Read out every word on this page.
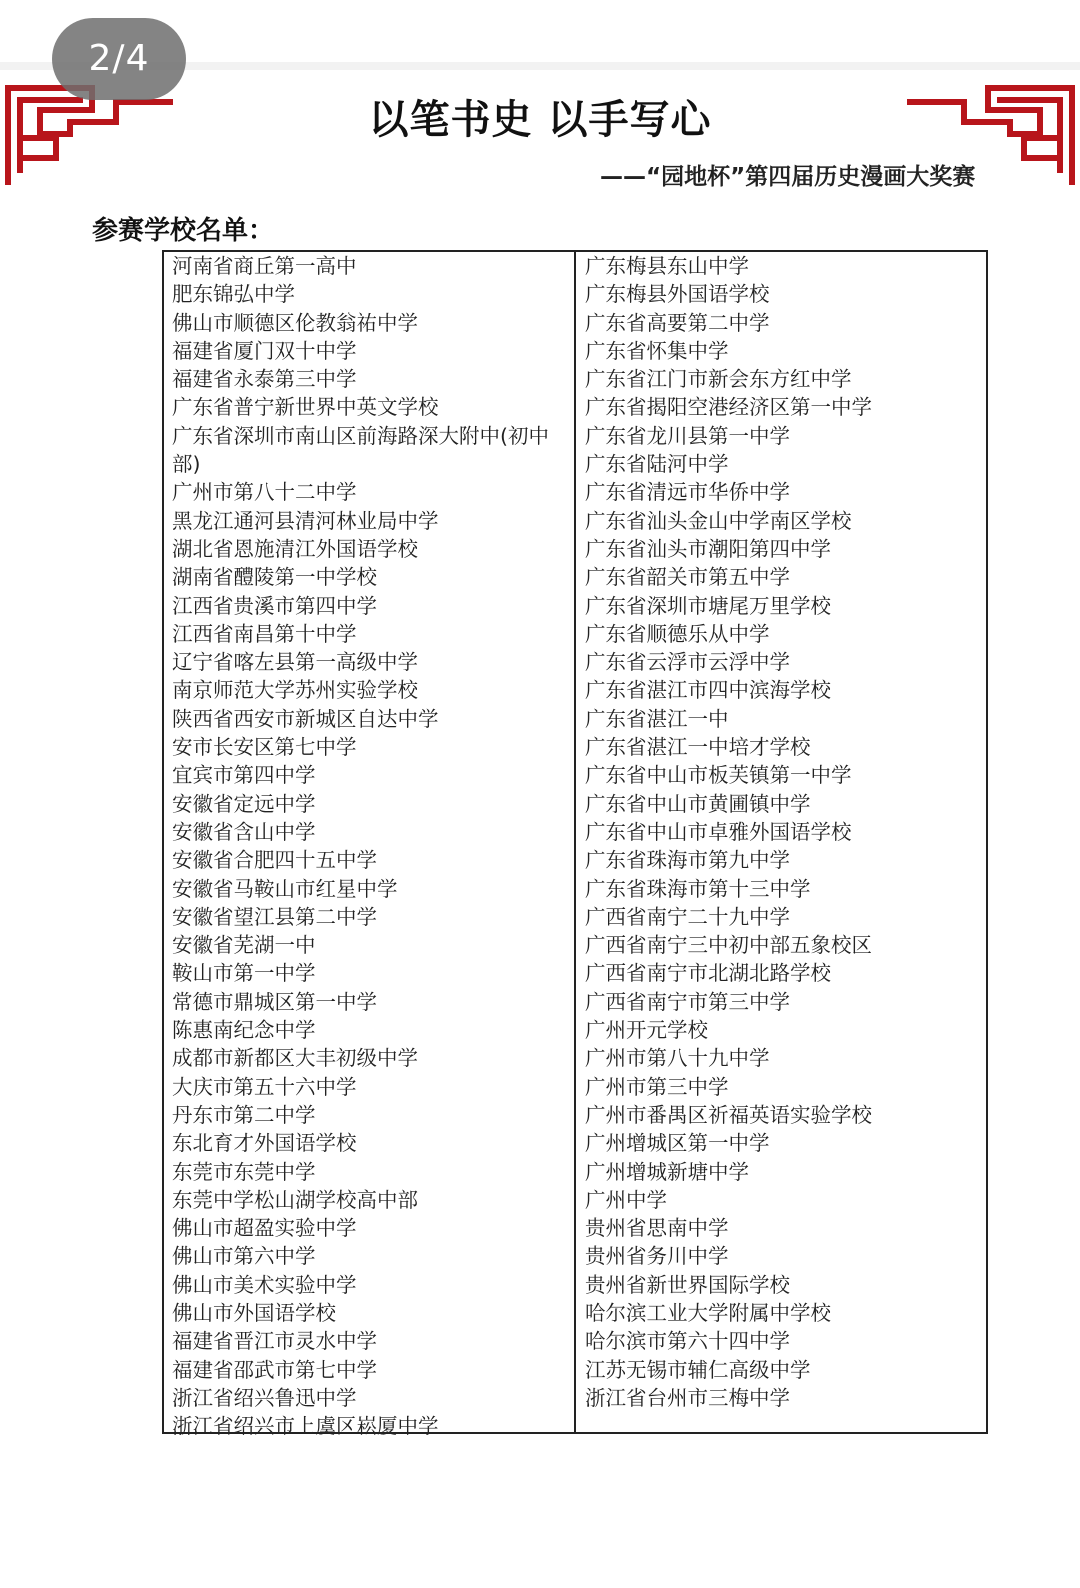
2/4
以笔书史 以手写心
——“园地杯”第四届历史漫画大奖赛
参赛学校名单：
河南省商丘第一高中
肥东锦弘中学
佛山市顺德区伦教翁祐中学
福建省厦门双十中学
福建省永泰第三中学
广东省普宁新世界中英文学校
广东省深圳市南山区前海路深大附中(初中部)
广州市第八十二中学
黑龙江通河县清河林业局中学
湖北省恩施清江外国语学校
湖南省醴陵第一中学校
江西省贵溪市第四中学
江西省南昌第十中学
辽宁省喀左县第一高级中学
南京师范大学苏州实验学校
陕西省西安市新城区自达中学
安市长安区第七中学
宜宾市第四中学
安徽省定远中学
安徽省含山中学
安徽省合肥四十五中学
安徽省马鞍山市红星中学
安徽省望江县第二中学
安徽省芜湖一中
鞍山市第一中学
常德市鼎城区第一中学
陈惠南纪念中学
成都市新都区大丰初级中学
大庆市第五十六中学
丹东市第二中学
东北育才外国语学校
东莞市东莞中学
东莞中学松山湖学校高中部
佛山市超盈实验中学
佛山市第六中学
佛山市美术实验中学
佛山市外国语学校
福建省晋江市灵水中学
福建省邵武市第七中学
浙江省绍兴鲁迅中学
浙江省绍兴市上虞区崧厦中学
广东梅县东山中学
广东梅县外国语学校
广东省高要第二中学
广东省怀集中学
广东省江门市新会东方红中学
广东省揭阳空港经济区第一中学
广东省龙川县第一中学
广东省陆河中学
广东省清远市华侨中学
广东省汕头金山中学南区学校
广东省汕头市潮阳第四中学
广东省韶关市第五中学
广东省深圳市塘尾万里学校
广东省顺德乐从中学
广东省云浮市云浮中学
广东省湛江市四中滨海学校
广东省湛江一中
广东省湛江一中培才学校
广东省中山市板芙镇第一中学
广东省中山市黄圃镇中学
广东省中山市卓雅外国语学校
广东省珠海市第九中学
广东省珠海市第十三中学
广西省南宁二十九中学
广西省南宁三中初中部五象校区
广西省南宁市北湖北路学校
广西省南宁市第三中学
广州开元学校
广州市第八十九中学
广州市第三中学
广州市番禺区祈福英语实验学校
广州增城区第一中学
广州增城新塘中学
广州中学
贵州省思南中学
贵州省务川中学
贵州省新世界国际学校
哈尔滨工业大学附属中学校
哈尔滨市第六十四中学
江苏无锡市辅仁高级中学
浙江省台州市三梅中学
